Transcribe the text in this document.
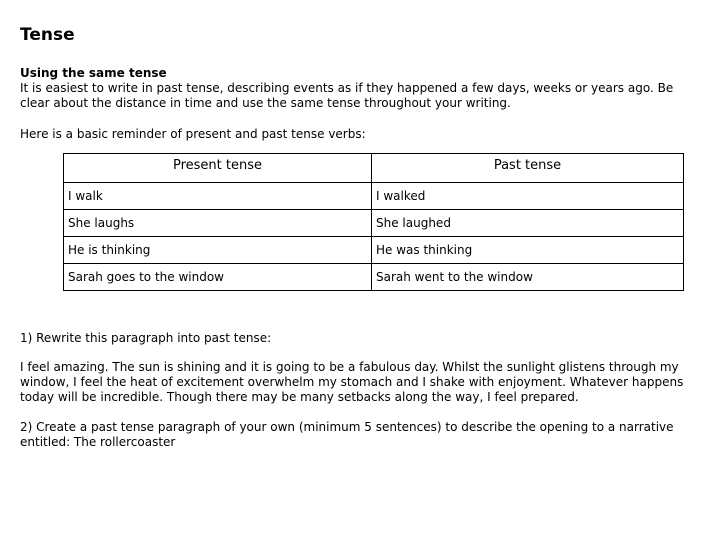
Tense

Using the same tense

It is easiest to write in past tense, describing events as if they happened a few days, weeks or years ago. Be clear about the distance in time and use the same tense throughout your writing.

Here is a basic reminder of present and past tense verbs:

Present tense	Past tense
I walk	I walked
She laughs	She laughed
He is thinking	He was thinking
Sarah goes to the window	Sarah went to the window

1) Rewrite this paragraph into past tense:

I feel amazing. The sun is shining and it is going to be a fabulous day. Whilst the sunlight glistens through my window, I feel the heat of excitement overwhelm my stomach and I shake with enjoyment. Whatever happens today will be incredible. Though there may be many setbacks along the way, I feel prepared.

2) Create a past tense paragraph of your own (minimum 5 sentences) to describe the opening to a narrative entitled: The rollercoaster
